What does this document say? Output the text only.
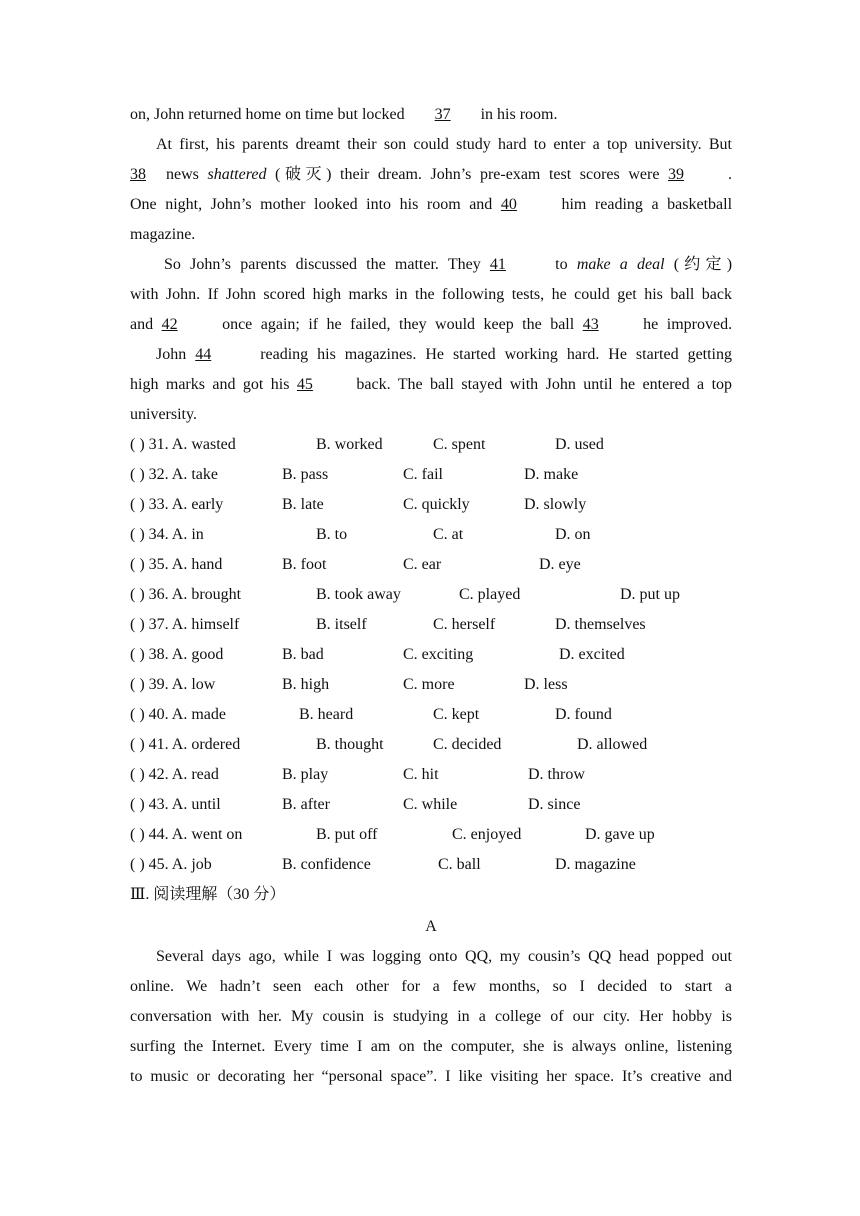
on, John returned home on time but locked 37 in his room.
At first, his parents dreamt their son could study hard to enter a top university. But
38 news shattered (破灭) their dream. John’s pre-exam test scores were 39	.
One night, John’s mother looked into his room and 40	him reading a basketball
magazine.
So John’s parents discussed the matter. They 41	to make a deal (约定)
with John. If John scored high marks in the following tests, he could get his ball back
and 42	once again; if he failed, they would keep the ball 43	he improved.
John 44	reading his magazines. He started working hard. He started getting
high marks and got his 45	back. The ball stayed with John until he entered a top
university.
( ) 31. A. wasted	B. worked	C. spent	D. used
( ) 32. A. take	B. pass	C. fail	D. make
( ) 33. A. early	B. late	C. quickly	D. slowly
( ) 34. A. in	B. to	C. at	D. on
( ) 35. A. hand	B. foot	C. ear	D. eye
( ) 36. A. brought	B. took away	C. played	D. put up
( ) 37. A. himself	B. itself	C. herself	D. themselves
( ) 38. A. good	B. bad	C. exciting	D. excited
( ) 39. A. low	B. high	C. more	D. less
( ) 40. A. made	B. heard	C. kept	D. found
( ) 41. A. ordered	B. thought	C. decided	D. allowed
( ) 42. A. read	B. play	C. hit	D. throw
( ) 43. A. until	B. after	C. while	D. since
( ) 44. A. went on	B. put off	C. enjoyed	D. gave up
( ) 45. A. job	B. confidence	C. ball	D. magazine
Ⅲ. 阅读理解（30 分）
A
Several days ago, while I was logging onto QQ, my cousin’s QQ head popped out
online. We hadn’t seen each other for a few months, so I decided to start a
conversation with her. My cousin is studying in a college of our city. Her hobby is
surfing the Internet. Every time I am on the computer, she is always online, listening
to music or decorating her “personal space”. I like visiting her space. It’s creative and
